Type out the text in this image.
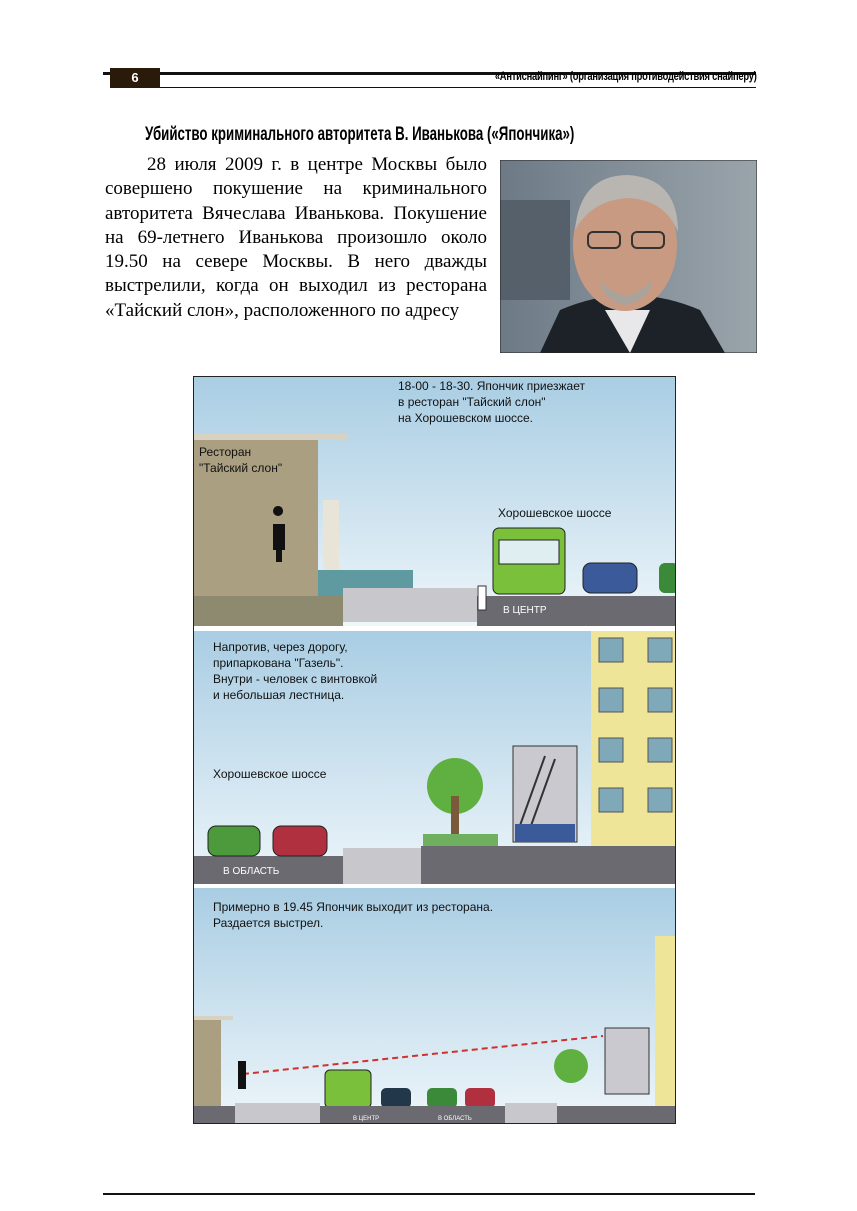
6	«Антиснайпинг» (организация противодействия снайперу)
Убийство криминального авторитета В. Иванькова («Япончика»)

28 июля 2009 г. в центре Москвы было совершено покушение на криминального авторитета Вячеслава Иванькова. Покушение на 69-летнего Иванькова произошло около 19.50 на севере Москвы. В него дважды выстрелили, когда он выходил из ресторана «Тайский слон», расположенного по адресу

18-00 - 18-30. Япончик приезжает
в ресторан "Тайский слон"
на Хорошевском шоссе.
Ресторан
"Тайский слон"
Хорошевское шоссе
В ЦЕНТР
Напротив, через дорогу,
припаркована "Газель".
Внутри - человек с винтовкой
и небольшая лестница.
Хорошевское шоссе
В ОБЛАСТЬ
Примерно в 19.45 Япончик выходит из ресторана.
Раздается выстрел.
В ЦЕНТР	В ОБЛАСТЬ
